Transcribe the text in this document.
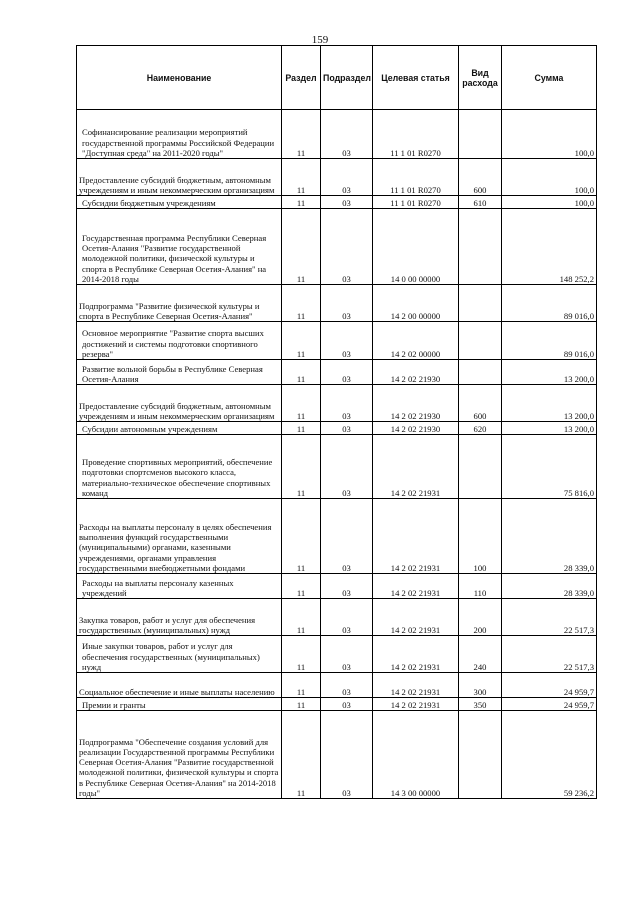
159
Наименование	Раздел	Подраздел	Целевая статья	Вид расхода	Сумма
Софинансирование реализации мероприятий государственной программы Российской Федерации "Доступная среда" на 2011-2020 годы"	11	03	11 1 01 R0270		100,0
Предоставление субсидий бюджетным, автономным учреждениям и иным некоммерческим организациям	11	03	11 1 01 R0270	600	100,0
Субсидии бюджетным учреждениям	11	03	11 1 01 R0270	610	100,0
Государственная программа Республики Северная Осетия-Алания "Развитие государственной молодежной политики, физической культуры и спорта в Республике Северная Осетия-Алания" на 2014-2018 годы	11	03	14 0 00 00000		148 252,2
Подпрограмма "Развитие физической культуры и спорта в Республике Северная Осетия-Алания"	11	03	14 2 00 00000		89 016,0
Основное мероприятие "Развитие спорта высших достижений и системы подготовки спортивного резерва"	11	03	14 2 02 00000		89 016,0
Развитие вольной борьбы в Республике Северная Осетия-Алания	11	03	14 2 02 21930		13 200,0
Предоставление субсидий бюджетным, автономным учреждениям и иным некоммерческим организациям	11	03	14 2 02 21930	600	13 200,0
Субсидии автономным учреждениям	11	03	14 2 02 21930	620	13 200,0
Проведение спортивных мероприятий, обеспечение подготовки спортсменов высокого класса, материально-техническое обеспечение спортивных команд	11	03	14 2 02 21931		75 816,0
Расходы на выплаты персоналу в целях обеспечения выполнения функций государственными (муниципальными) органами, казенными учреждениями, органами управления государственными внебюджетными фондами	11	03	14 2 02 21931	100	28 339,0
Расходы на выплаты персоналу казенных учреждений	11	03	14 2 02 21931	110	28 339,0
Закупка товаров, работ и услуг для обеспечения государственных (муниципальных) нужд	11	03	14 2 02 21931	200	22 517,3
Иные закупки товаров, работ и услуг для обеспечения государственных (муниципальных) нужд	11	03	14 2 02 21931	240	22 517,3
Социальное обеспечение и иные выплаты населению	11	03	14 2 02 21931	300	24 959,7
Премии и гранты	11	03	14 2 02 21931	350	24 959,7
Подпрограмма "Обеспечение создания условий для реализации Государственной программы Республики Северная Осетия-Алания "Развитие государственной молодежной политики, физической культуры и спорта в Республике Северная Осетия-Алания" на 2014-2018 годы"	11	03	14 3 00 00000		59 236,2
